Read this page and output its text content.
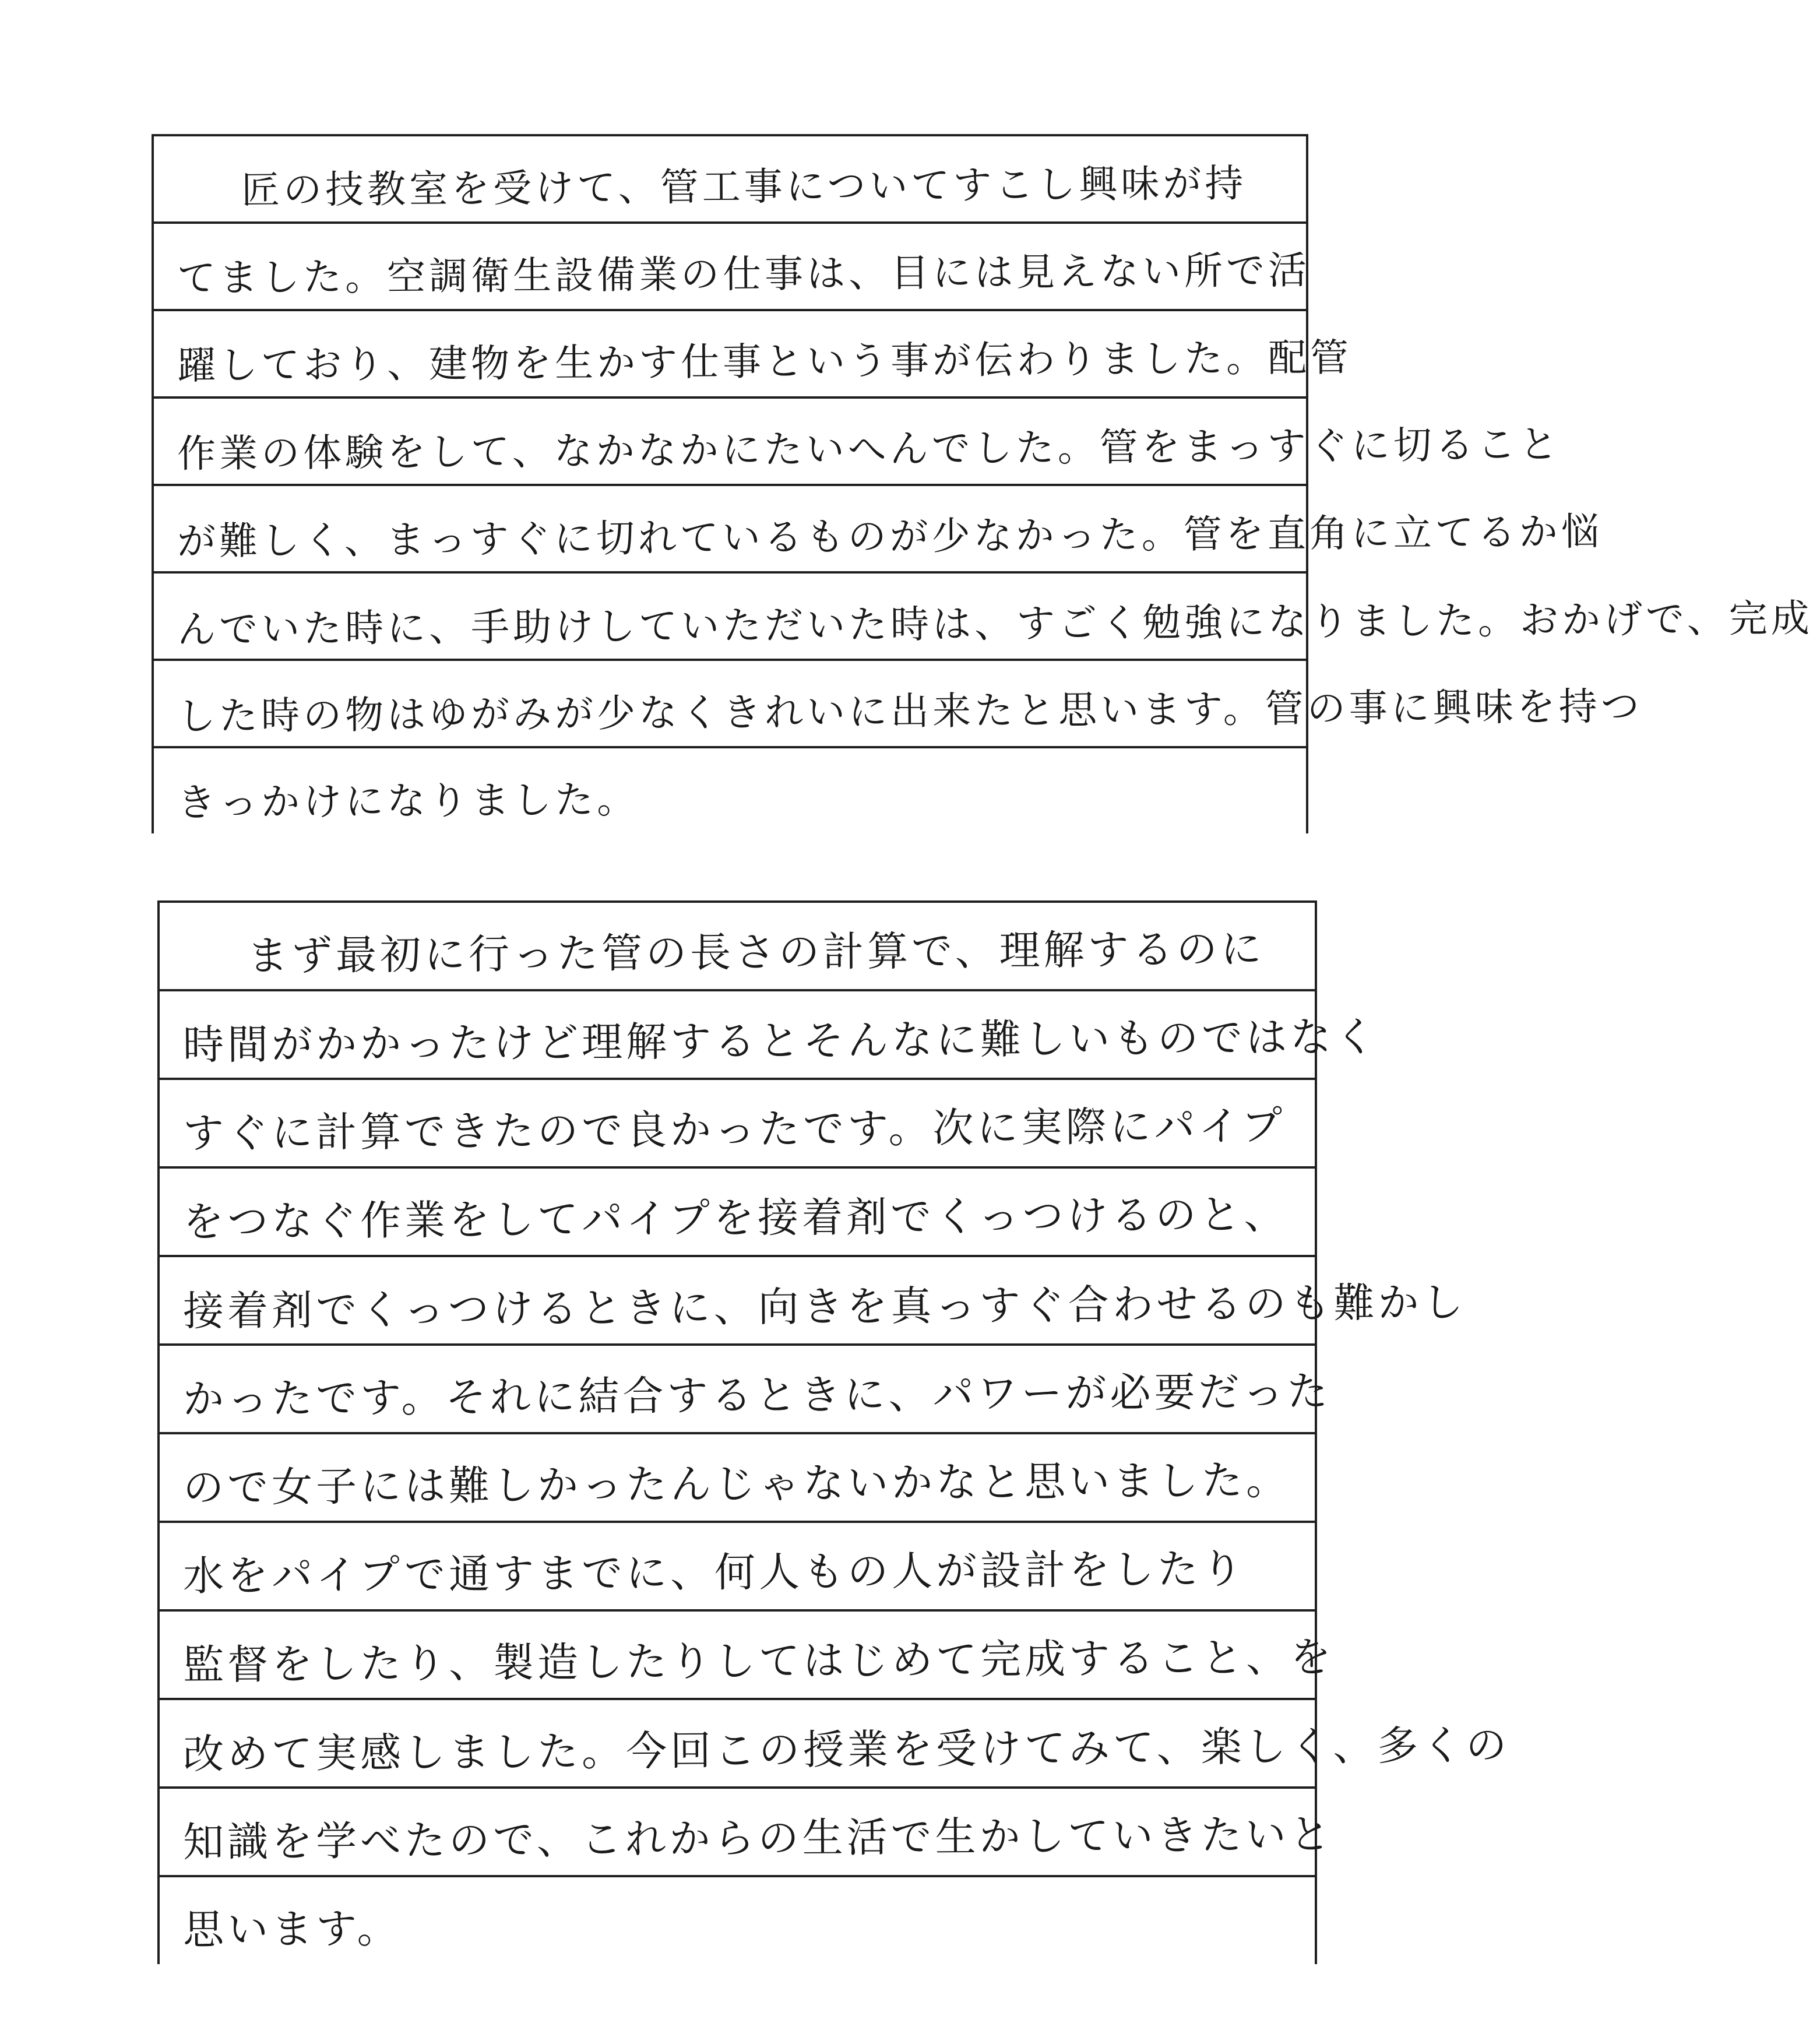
匠の技教室を受けて、管工事についてすこし興味が持
てました。空調衛生設備業の仕事は、目には見えない所で活
躍しており、建物を生かす仕事という事が伝わりました。配管
作業の体験をして、なかなかにたいへんでした。管をまっすぐに切ること
が難しく、まっすぐに切れているものが少なかった。管を直角に立てるか悩
んでいた時に、手助けしていただいた時は、すごく勉強になりました。おかげで、完成
した時の物はゆがみが少なくきれいに出来たと思います。管の事に興味を持つ
きっかけになりました。
まず最初に行った管の長さの計算で、理解するのに
時間がかかったけど理解するとそんなに難しいものではなく
すぐに計算できたので良かったです。次に実際にパイプ
をつなぐ作業をしてパイプを接着剤でくっつけるのと、
接着剤でくっつけるときに、向きを真っすぐ合わせるのも難かし
かったです。それに結合するときに、パワーが必要だった
ので女子には難しかったんじゃないかなと思いました。
水をパイプで通すまでに、何人もの人が設計をしたり
監督をしたり、製造したりしてはじめて完成すること、を
改めて実感しました。今回この授業を受けてみて、楽しく、多くの
知識を学べたので、これからの生活で生かしていきたいと
思います。
